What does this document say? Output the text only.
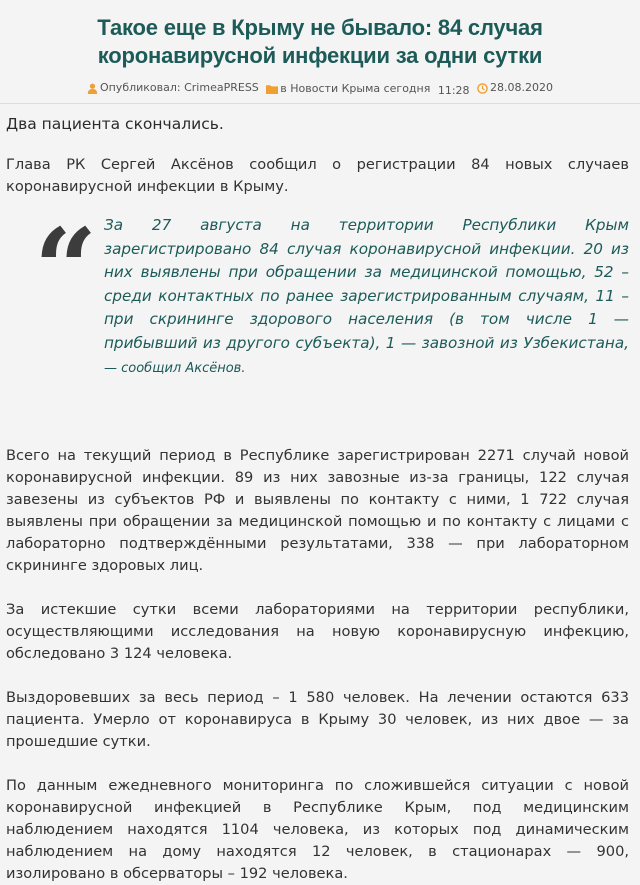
Такое еще в Крыму не бывало: 84 случая коронавирусной инфекции за одни сутки
Опубликовал: CrimeaPRESS
в Новости Крыма сегодня
11:28
28.08.2020

Два пациента скончались.

Глава РК Сергей Аксёнов сообщил о регистрации 84 новых случаев коронавирусной инфекции в Крыму.

“ За 27 августа на территории Республики Крым зарегистрировано 84 случая коронавирусной инфекции. 20 из них выявлены при обращении за медицинской помощью, 52 – среди контактных по ранее зарегистрированным случаям, 11 – при скрининге здорового населения (в том числе 1 — прибывший из другого субъекта), 1 — завозной из Узбекистана, — сообщил Аксёнов.

Всего на текущий период в Республике зарегистрирован 2271 случай новой коронавирусной инфекции. 89 из них завозные из-за границы, 122 случая завезены из субъектов РФ и выявлены по контакту с ними, 1 722 случая выявлены при обращении за медицинской помощью и по контакту с лицами с лабораторно подтверждёнными результатами, 338 — при лабораторном скрининге здоровых лиц.

За истекшие сутки всеми лабораториями на территории республики, осуществляющими исследования на новую коронавирусную инфекцию, обследовано 3 124 человека.

Выздоровевших за весь период – 1 580 человек. На лечении остаются 633 пациента. Умерло от коронавируса в Крыму 30 человек, из них двое — за прошедшие сутки.

По данным ежедневного мониторинга по сложившейся ситуации с новой коронавирусной инфекцией в Республике Крым, под медицинским наблюдением находятся 1104 человека, из которых под динамическим наблюдением на дому находятся 12 человек, в стационарах — 900, изолировано в обсерваторы – 192 человека.
